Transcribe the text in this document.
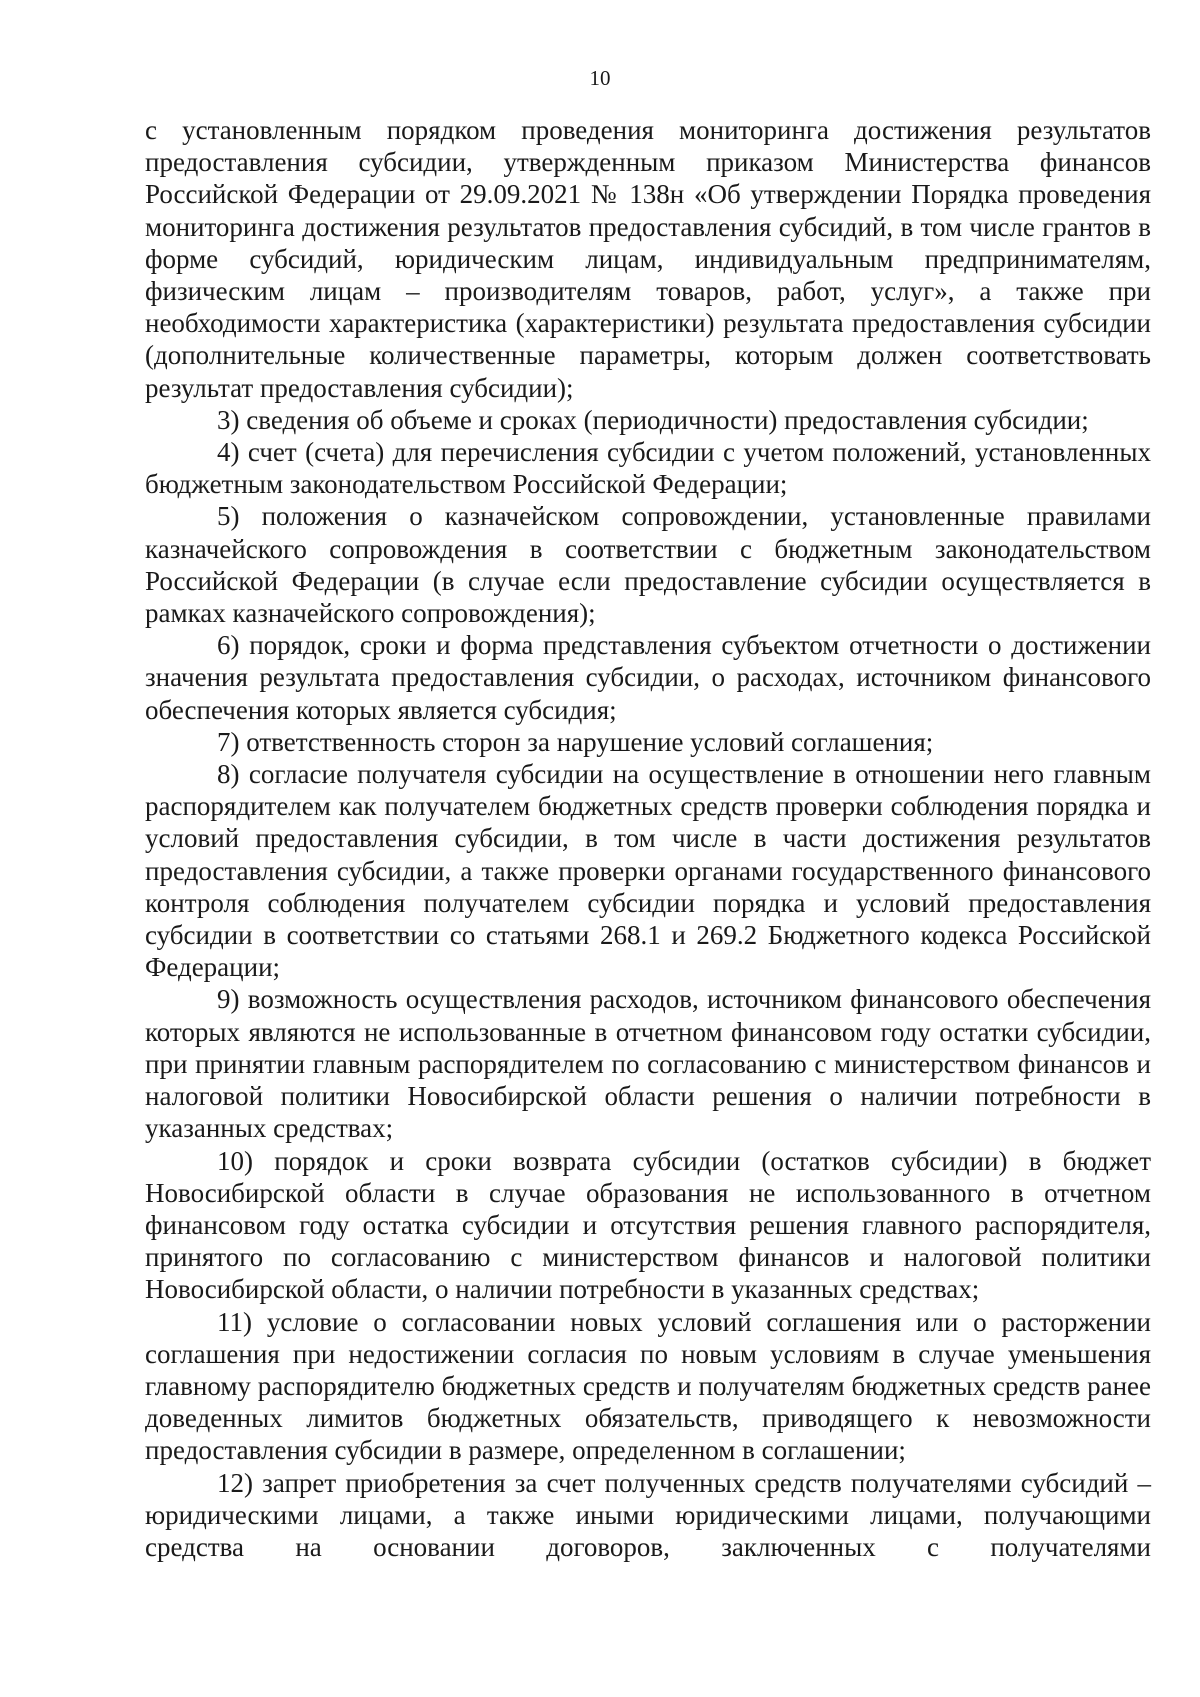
10

с установленным порядком проведения мониторинга достижения результатов предоставления субсидии, утвержденным приказом Министерства финансов Российской Федерации от 29.09.2021 № 138н «Об утверждении Порядка проведения мониторинга достижения результатов предоставления субсидий, в том числе грантов в форме субсидий, юридическим лицам, индивидуальным предпринимателям, физическим лицам – производителям товаров, работ, услуг», а также при необходимости характеристика (характеристики) результата предоставления субсидии (дополнительные количественные параметры, которым должен соответствовать результат предоставления субсидии);

3) сведения об объеме и сроках (периодичности) предоставления субсидии;

4) счет (счета) для перечисления субсидии с учетом положений, установленных бюджетным законодательством Российской Федерации;

5) положения о казначейском сопровождении, установленные правилами казначейского сопровождения в соответствии с бюджетным законодательством Российской Федерации (в случае если предоставление субсидии осуществляется в рамках казначейского сопровождения);

6) порядок, сроки и форма представления субъектом отчетности о достижении значения результата предоставления субсидии, о расходах, источником финансового обеспечения которых является субсидия;

7) ответственность сторон за нарушение условий соглашения;

8) согласие получателя субсидии на осуществление в отношении него главным распорядителем как получателем бюджетных средств проверки соблюдения порядка и условий предоставления субсидии, в том числе в части достижения результатов предоставления субсидии, а также проверки органами государственного финансового контроля соблюдения получателем субсидии порядка и условий предоставления субсидии в соответствии со статьями 268.1 и 269.2 Бюджетного кодекса Российской Федерации;

9) возможность осуществления расходов, источником финансового обеспечения которых являются не использованные в отчетном финансовом году остатки субсидии, при принятии главным распорядителем по согласованию с министерством финансов и налоговой политики Новосибирской области решения о наличии потребности в указанных средствах;

10) порядок и сроки возврата субсидии (остатков субсидии) в бюджет Новосибирской области в случае образования не использованного в отчетном финансовом году остатка субсидии и отсутствия решения главного распорядителя, принятого по согласованию с министерством финансов и налоговой политики Новосибирской области, о наличии потребности в указанных средствах;

11) условие о согласовании новых условий соглашения или о расторжении соглашения при недостижении согласия по новым условиям в случае уменьшения главному распорядителю бюджетных средств и получателям бюджетных средств ранее доведенных лимитов бюджетных обязательств, приводящего к невозможности предоставления субсидии в размере, определенном в соглашении;

12) запрет приобретения за счет полученных средств получателями субсидий – юридическими лицами, а также иными юридическими лицами, получающими средства на основании договоров, заключенных с получателями
